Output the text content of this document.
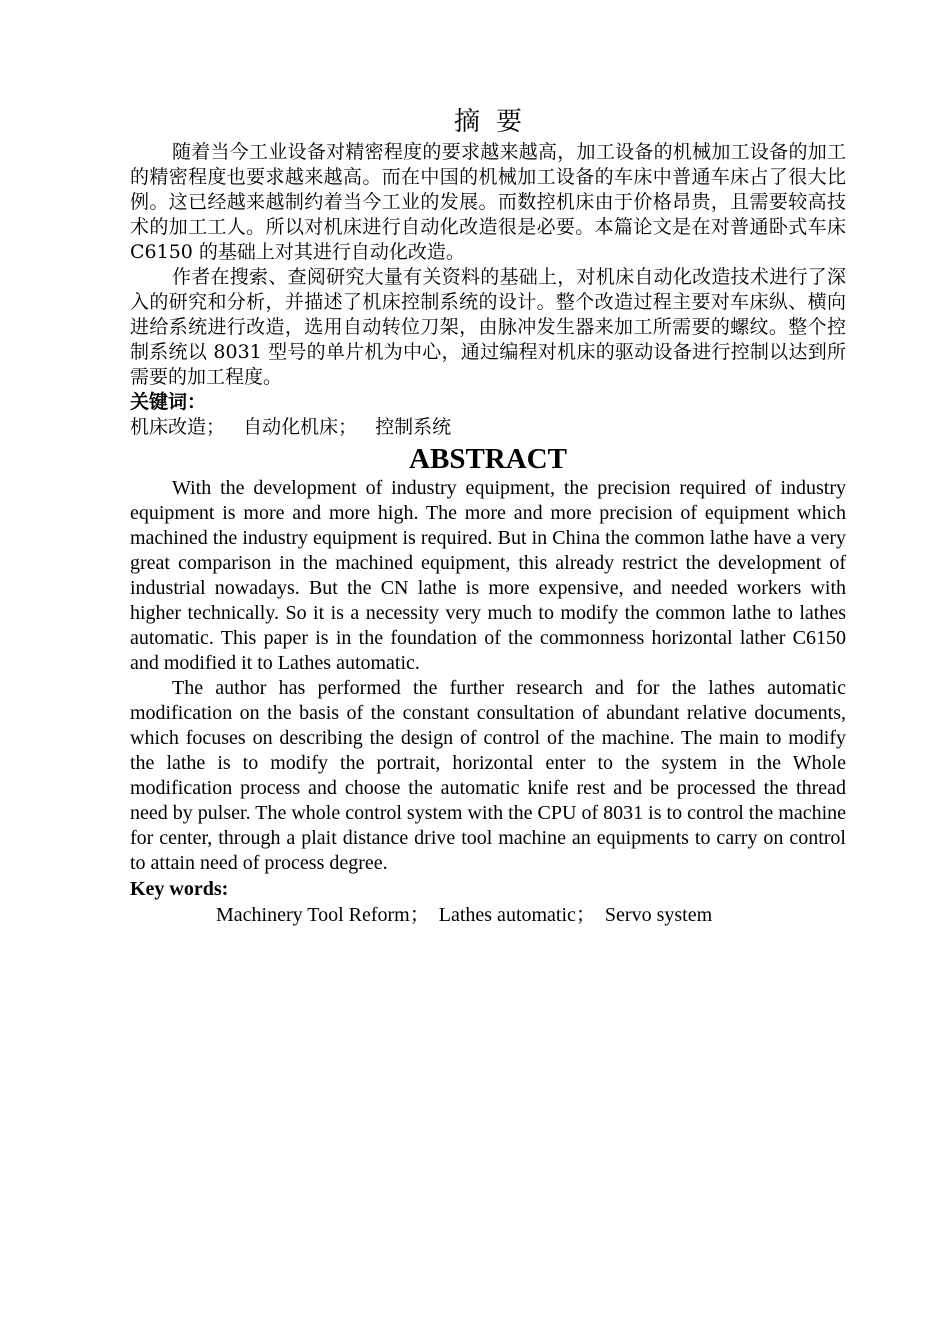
摘要

随着当今工业设备对精密程度的要求越来越高，加工设备的机械加工设备的加工的精密程度也要求越来越高。而在中国的机械加工设备的车床中普通车床占了很大比例。这已经越来越制约着当今工业的发展。而数控机床由于价格昂贵，且需要较高技术的加工工人。所以对机床进行自动化改造很是必要。本篇论文是在对普通卧式车床 C6150 的基础上对其进行自动化改造。

作者在搜索、查阅研究大量有关资料的基础上，对机床自动化改造技术进行了深入的研究和分析，并描述了机床控制系统的设计。整个改造过程主要对车床纵、横向进给系统进行改造，选用自动转位刀架，由脉冲发生器来加工所需要的螺纹。整个控制系统以 8031 型号的单片机为中心，通过编程对机床的驱动设备进行控制以达到所需要的加工程度。

关键词：

机床改造； 自动化机床； 控制系统

ABSTRACT

With the development of industry equipment, the precision required of industry equipment is more and more high. The more and more precision of equipment which machined the industry equipment is required. But in China the common lathe have a very great comparison in the machined equipment, this already restrict the development of industrial nowadays. But the CN lathe is more expensive, and needed workers with higher technically. So it is a necessity very much to modify the common lathe to lathes automatic. This paper is in the foundation of the commonness horizontal lather C6150 and modified it to Lathes automatic.

The author has performed the further research and for the lathes automatic modification on the basis of the constant consultation of abundant relative documents, which focuses on describing the design of control of the machine. The main to modify the lathe is to modify the portrait, horizontal enter to the system in the Whole modification process and choose the automatic knife rest and be processed the thread need by pulser. The whole control system with the CPU of 8031 is to control the machine for center, through a plait distance drive tool machine an equipments to carry on control to attain need of process degree.

Key words:

Machinery Tool Reform； Lathes automatic； Servo system
